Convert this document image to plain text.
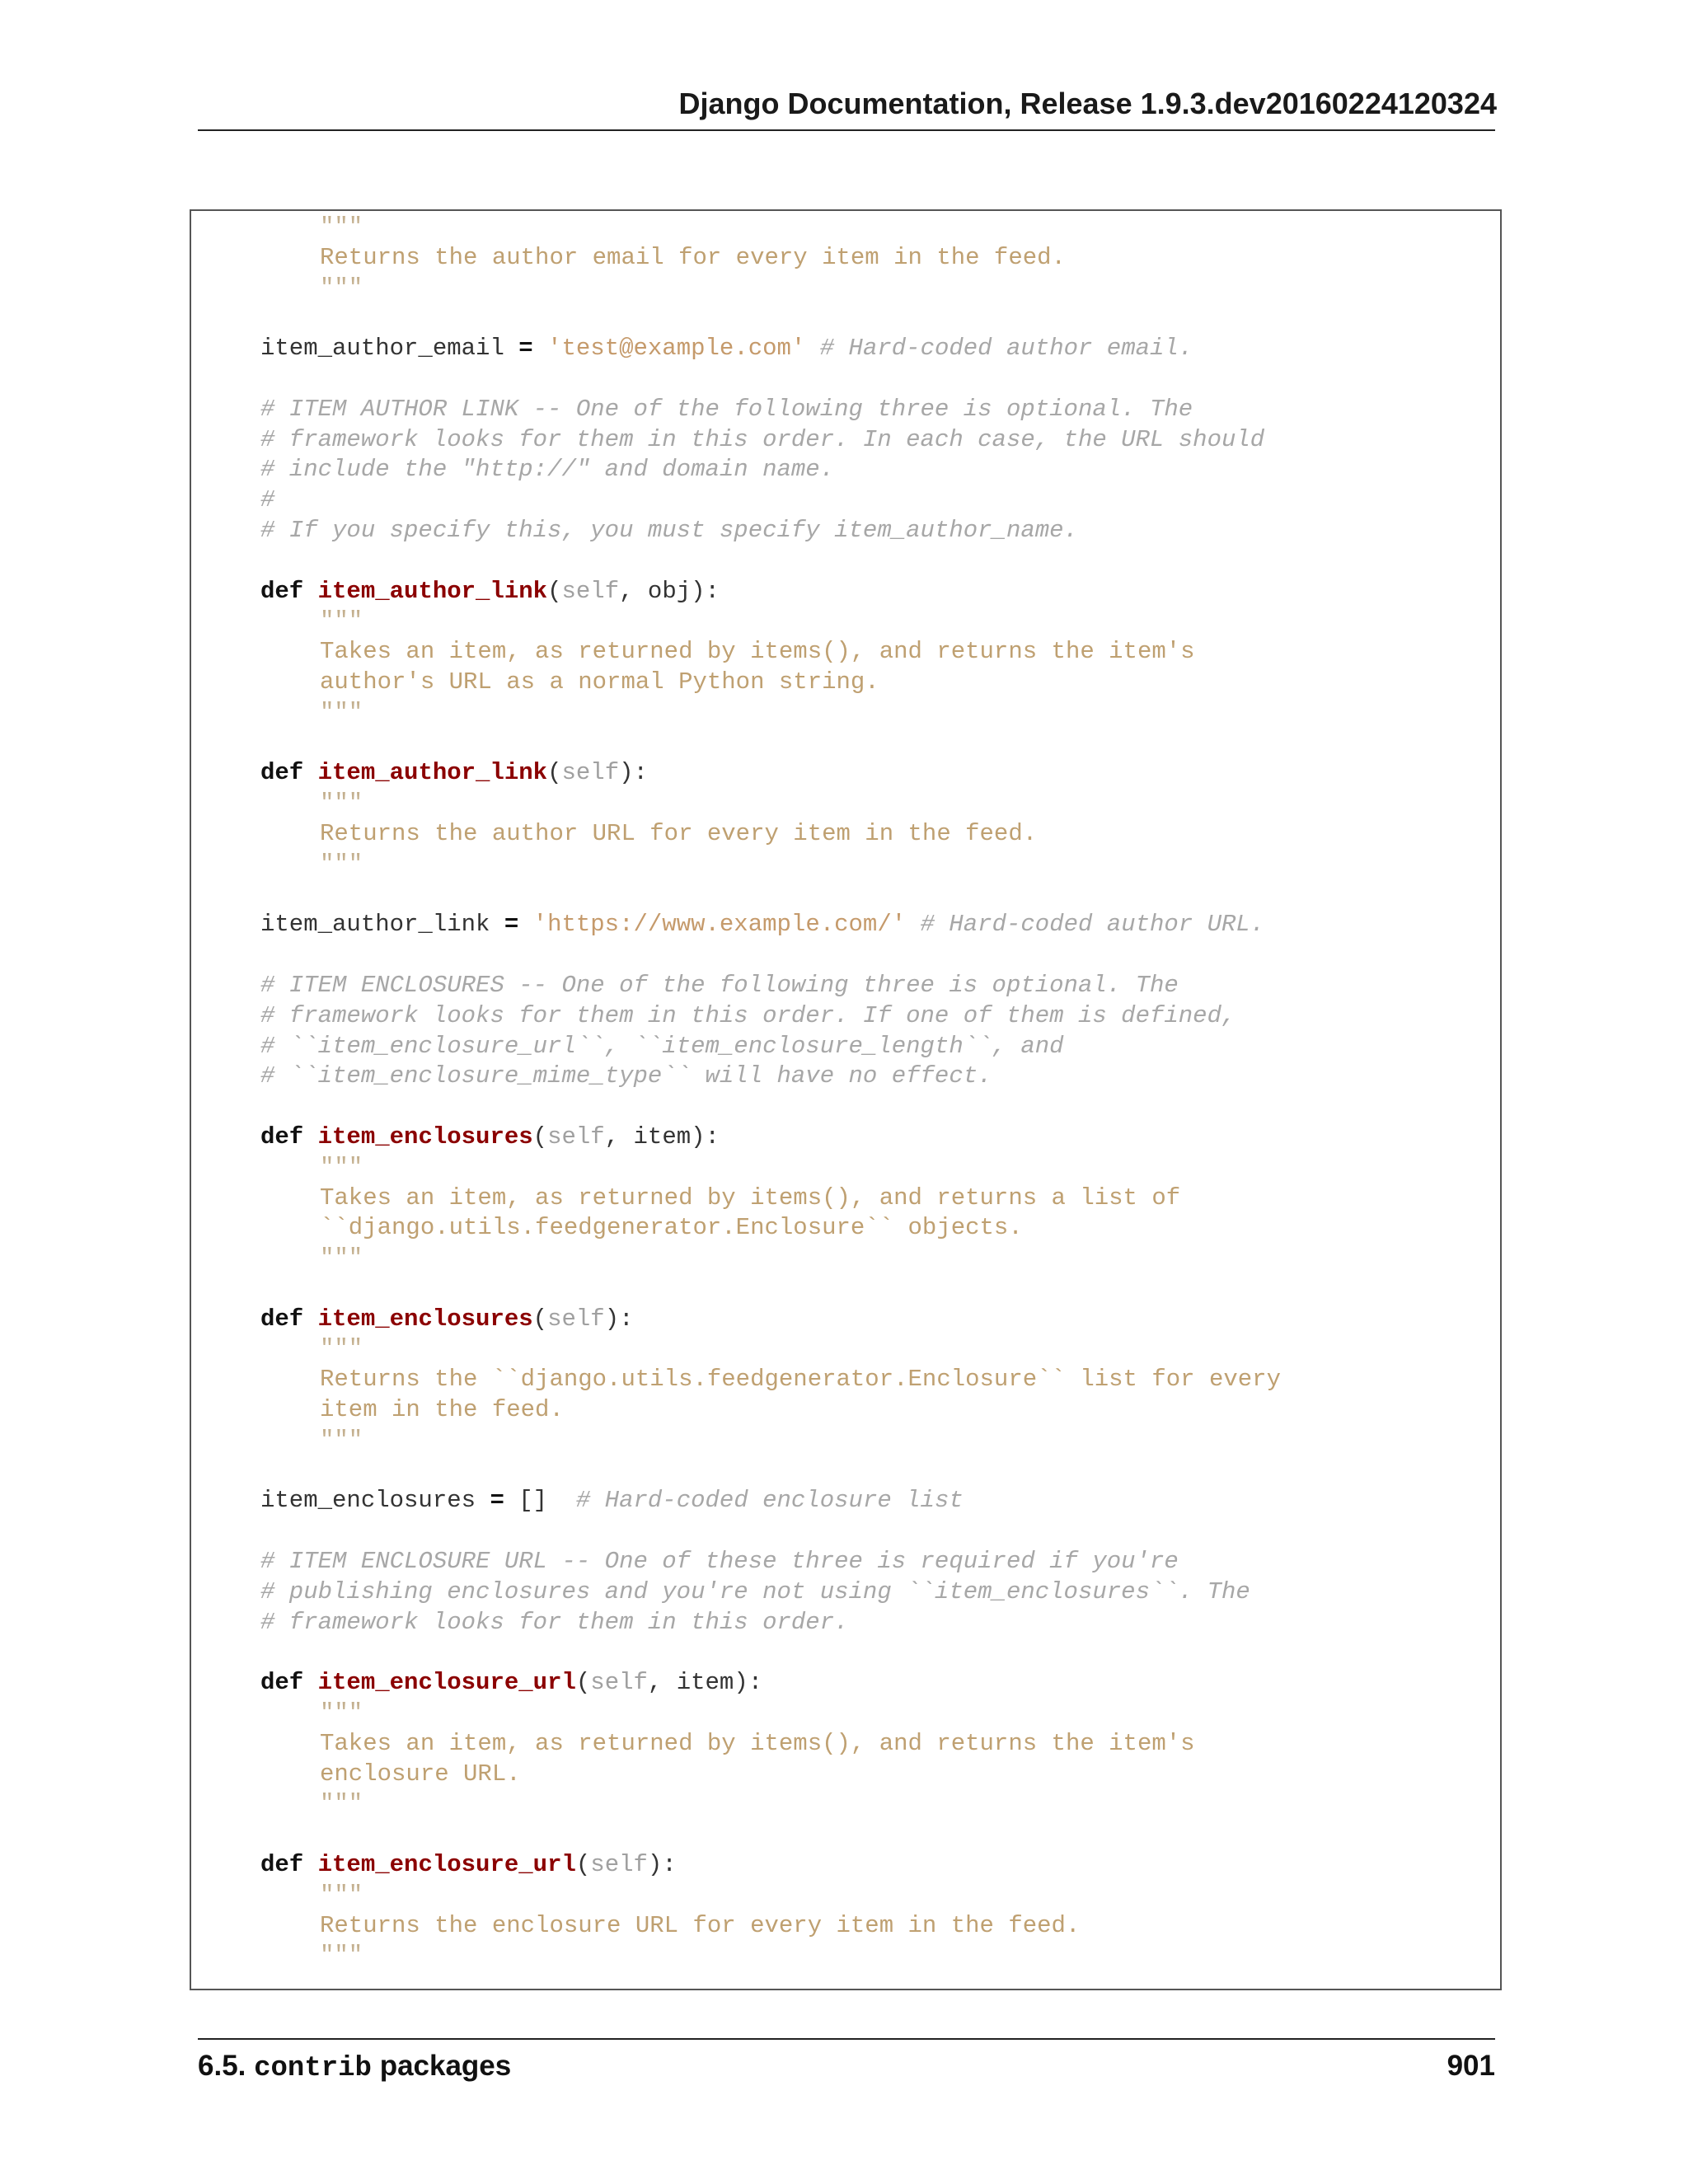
Django Documentation, Release 1.9.3.dev20160224120324
"""
Returns the author email for every item in the feed.
"""
item_author_email = 'test@example.com' # Hard-coded author email.
# ITEM AUTHOR LINK -- One of the following three is optional. The
# framework looks for them in this order. In each case, the URL should
# include the "http://" and domain name.
#
# If you specify this, you must specify item_author_name.
def item_author_link(self, obj):
"""
Takes an item, as returned by items(), and returns the item's
author's URL as a normal Python string.
"""
def item_author_link(self):
"""
Returns the author URL for every item in the feed.
"""
item_author_link = 'https://www.example.com/' # Hard-coded author URL.
# ITEM ENCLOSURES -- One of the following three is optional. The
# framework looks for them in this order. If one of them is defined,
# ``item_enclosure_url``, ``item_enclosure_length``, and
# ``item_enclosure_mime_type`` will have no effect.
def item_enclosures(self, item):
"""
Takes an item, as returned by items(), and returns a list of
``django.utils.feedgenerator.Enclosure`` objects.
"""
def item_enclosures(self):
"""
Returns the ``django.utils.feedgenerator.Enclosure`` list for every
item in the feed.
"""
item_enclosures = [] # Hard-coded enclosure list
# ITEM ENCLOSURE URL -- One of these three is required if you're
# publishing enclosures and you're not using ``item_enclosures``. The
# framework looks for them in this order.
def item_enclosure_url(self, item):
"""
Takes an item, as returned by items(), and returns the item's
enclosure URL.
"""
def item_enclosure_url(self):
"""
Returns the enclosure URL for every item in the feed.
"""
6.5. contrib packages	901
